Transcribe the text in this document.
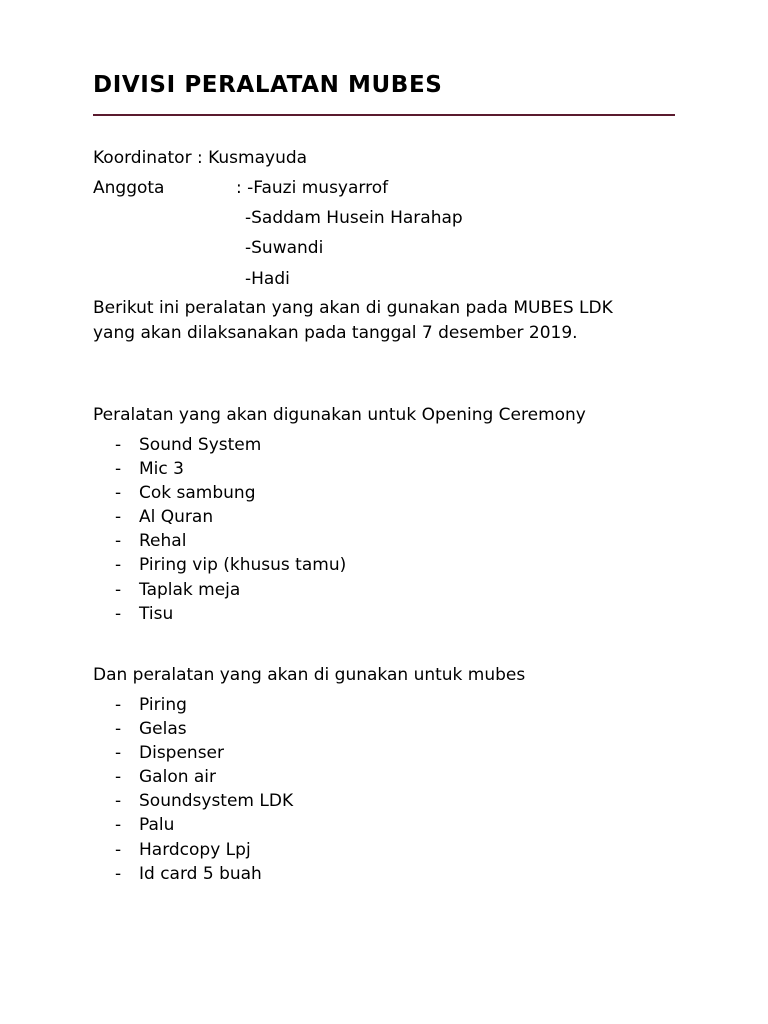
DIVISI PERALATAN MUBES
Koordinator : Kusmayuda
Anggota	: -Fauzi musyarrof
-Saddam Husein Harahap
-Suwandi
-Hadi

Berikut ini peralatan yang akan di gunakan pada MUBES LDK yang akan dilaksanakan pada tanggal 7 desember 2019.

Peralatan yang akan digunakan untuk Opening Ceremony
- Sound System
- Mic 3
- Cok sambung
- Al Quran
- Rehal
- Piring vip (khusus tamu)
- Taplak meja
- Tisu
Dan peralatan yang akan di gunakan untuk mubes
- Piring
- Gelas
- Dispenser
- Galon air
- Soundsystem LDK
- Palu
- Hardcopy Lpj
- Id card 5 buah
